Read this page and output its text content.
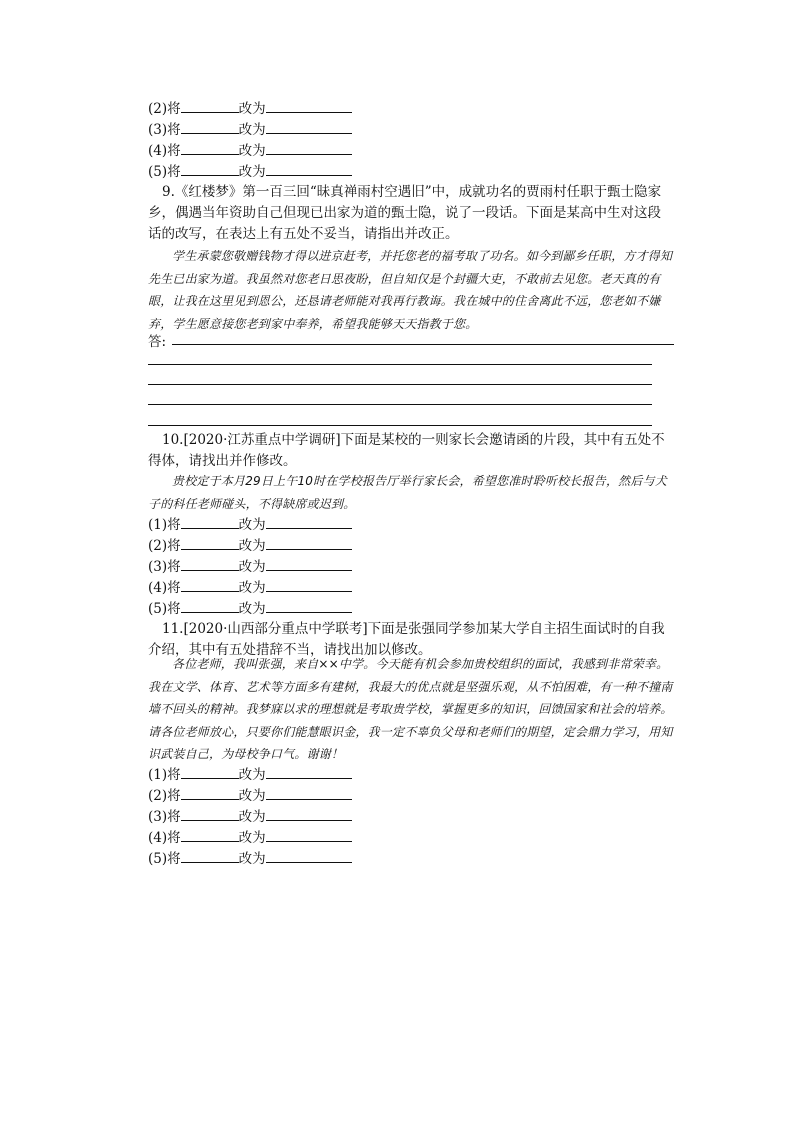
(2)将	改为
(3)将	改为
(4)将	改为
(5)将	改为
9.《红楼梦》第一百三回“昧真禅雨村空遇旧”中，成就功名的贾雨村任职于甄士隐家乡，偶遇当年资助自己但现已出家为道的甄士隐，说了一段话。下面是某高中生对这段话的改写，在表达上有五处不妥当，请指出并改正。
学生承蒙您敬赠钱物才得以进京赶考，并托您老的福考取了功名。如今到鄙乡任职，方才得知先生已出家为道。我虽然对您老日思夜盼，但自知仅是个封疆大吏，不敢前去见您。老天真的有眼，让我在这里见到恩公，还恳请老师能对我再行教诲。我在城中的住舍离此不远，您老如不嫌弃，学生愿意接您老到家中奉养，希望我能够天天指教于您。
答:
10.[2020·江苏重点中学调研]下面是某校的一则家长会邀请函的片段，其中有五处不得体，请找出并作修改。
贵校定于本月29日上午10时在学校报告厅举行家长会，希望您准时聆听校长报告，然后与犬子的科任老师碰头，不得缺席或迟到。
(1)将	改为
(2)将	改为
(3)将	改为
(4)将	改为
(5)将	改为
11.[2020·山西部分重点中学联考]下面是张强同学参加某大学自主招生面试时的自我介绍，其中有五处措辞不当，请找出加以修改。
各位老师，我叫张强，来自××中学。今天能有机会参加贵校组织的面试，我感到非常荣幸。我在文学、体育、艺术等方面多有建树，我最大的优点就是坚强乐观，从不怕困难，有一种不撞南墙不回头的精神。我梦寐以求的理想就是考取贵学校，掌握更多的知识，回馈国家和社会的培养。请各位老师放心，只要你们能慧眼识金，我一定不辜负父母和老师们的期望，定会鼎力学习，用知识武装自己，为母校争口气。谢谢！
(1)将	改为
(2)将	改为
(3)将	改为
(4)将	改为
(5)将	改为
